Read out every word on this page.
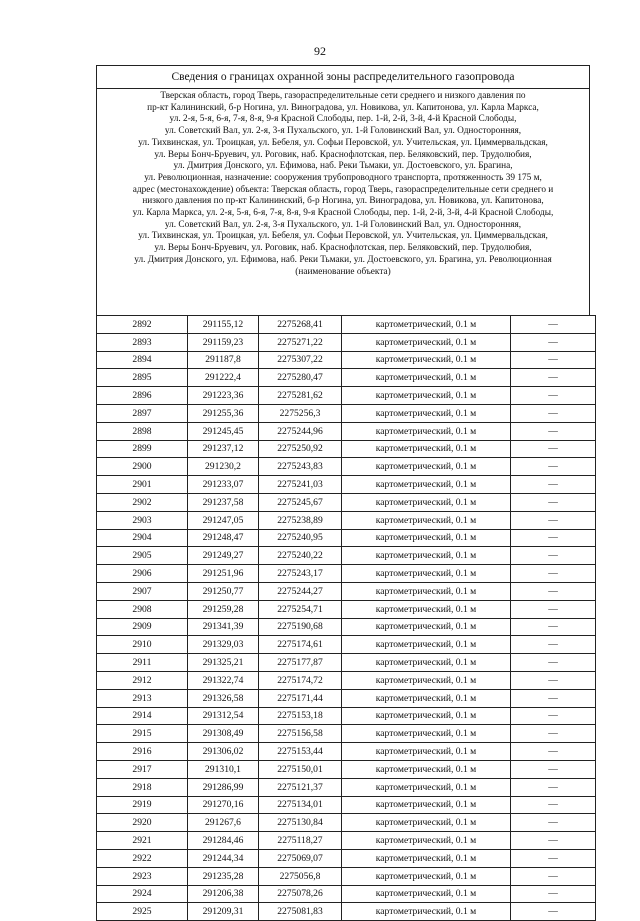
92
Сведения о границах охранной зоны распределительного газопровода
Тверская область, город Тверь, газораспределительные сети среднего и низкого давления по
пр-кт Калининский, б-р Ногина, ул. Виноградова, ул. Новикова, ул. Капитонова, ул. Карла Маркса,
ул. 2-я, 5-я, 6-я, 7-я, 8-я, 9-я Красной Слободы, пер. 1-й, 2-й, 3-й, 4-й Красной Слободы,
ул. Советский Вал, ул. 2-я, 3-я Пухальского, ул. 1-й Головинский Вал, ул. Односторонняя,
ул. Тихвинская, ул. Троицкая, ул. Бебеля, ул. Софьи Перовской, ул. Учительская, ул. Циммервальдская,
ул. Веры Бонч-Бруевич, ул. Роговик, наб. Краснофлотская, пер. Беляковский, пер. Трудолюбия,
ул. Дмитрия Донского, ул. Ефимова, наб. Реки Тьмаки, ул. Достоевского, ул. Брагина,
ул. Революционная, назначение: сооружения трубопроводного транспорта, протяженность 39 175 м,
адрес (местонахождение) объекта: Тверская область, город Тверь, газораспределительные сети среднего и
низкого давления по пр-кт Калининский, б-р Ногина, ул. Виноградова, ул. Новикова, ул. Капитонова,
ул. Карла Маркса, ул. 2-я, 5-я, 6-я, 7-я, 8-я, 9-я Красной Слободы, пер. 1-й, 2-й, 3-й, 4-й Красной Слободы,
ул. Советский Вал, ул. 2-я, 3-я Пухальского, ул. 1-й Головинский Вал, ул. Односторонняя,
ул. Тихвинская, ул. Троицкая, ул. Бебеля, ул. Софьи Перовской, ул. Учительская, ул. Циммервальдская,
ул. Веры Бонч-Бруевич, ул. Роговик, наб. Краснофлотская, пер. Беляковский, пер. Трудолюбия,
ул. Дмитрия Донского, ул. Ефимова, наб. Реки Тьмаки, ул. Достоевского, ул. Брагина, ул. Революционная
(наименование объекта)
2892	291155,12	2275268,41	картометрический, 0.1 м	—
2893	291159,23	2275271,22	картометрический, 0.1 м	—
2894	291187,8	2275307,22	картометрический, 0.1 м	—
2895	291222,4	2275280,47	картометрический, 0.1 м	—
2896	291223,36	2275281,62	картометрический, 0.1 м	—
2897	291255,36	2275256,3	картометрический, 0.1 м	—
2898	291245,45	2275244,96	картометрический, 0.1 м	—
2899	291237,12	2275250,92	картометрический, 0.1 м	—
2900	291230,2	2275243,83	картометрический, 0.1 м	—
2901	291233,07	2275241,03	картометрический, 0.1 м	—
2902	291237,58	2275245,67	картометрический, 0.1 м	—
2903	291247,05	2275238,89	картометрический, 0.1 м	—
2904	291248,47	2275240,95	картометрический, 0.1 м	—
2905	291249,27	2275240,22	картометрический, 0.1 м	—
2906	291251,96	2275243,17	картометрический, 0.1 м	—
2907	291250,77	2275244,27	картометрический, 0.1 м	—
2908	291259,28	2275254,71	картометрический, 0.1 м	—
2909	291341,39	2275190,68	картометрический, 0.1 м	—
2910	291329,03	2275174,61	картометрический, 0.1 м	—
2911	291325,21	2275177,87	картометрический, 0.1 м	—
2912	291322,74	2275174,72	картометрический, 0.1 м	—
2913	291326,58	2275171,44	картометрический, 0.1 м	—
2914	291312,54	2275153,18	картометрический, 0.1 м	—
2915	291308,49	2275156,58	картометрический, 0.1 м	—
2916	291306,02	2275153,44	картометрический, 0.1 м	—
2917	291310,1	2275150,01	картометрический, 0.1 м	—
2918	291286,99	2275121,37	картометрический, 0.1 м	—
2919	291270,16	2275134,01	картометрический, 0.1 м	—
2920	291267,6	2275130,84	картометрический, 0.1 м	—
2921	291284,46	2275118,27	картометрический, 0.1 м	—
2922	291244,34	2275069,07	картометрический, 0.1 м	—
2923	291235,28	2275056,8	картометрический, 0.1 м	—
2924	291206,38	2275078,26	картометрический, 0.1 м	—
2925	291209,31	2275081,83	картометрический, 0.1 м	—
